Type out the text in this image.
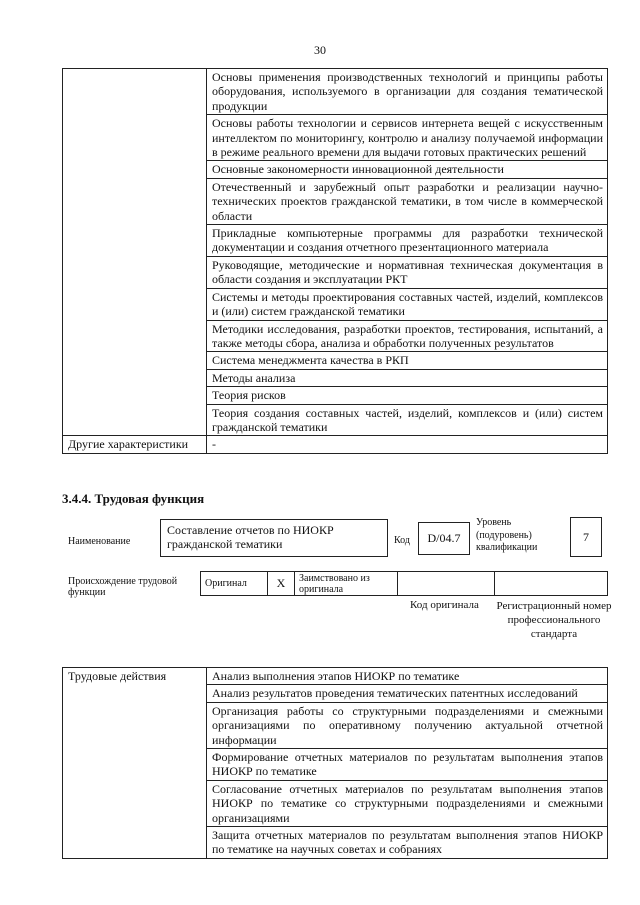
30
	Основы применения производственных технологий и принципы работы оборудования, используемого в организации для создания тематической продукции
	Основы работы технологии и сервисов интернета вещей с искусственным интеллектом по мониторингу, контролю и анализу получаемой информации в режиме реального времени для выдачи готовых практических решений
	Основные закономерности инновационной деятельности
	Отечественный и зарубежный опыт разработки и реализации научно-технических проектов гражданской тематики, в том числе в коммерческой области
	Прикладные компьютерные программы для разработки технической документации и создания отчетного презентационного материала
	Руководящие, методические и нормативная техническая документация в области создания и эксплуатации РКТ
	Системы и методы проектирования составных частей, изделий, комплексов и (или) систем гражданской тематики
	Методики исследования, разработки проектов, тестирования, испытаний, а также методы сбора, анализа и обработки полученных результатов
	Система менеджмента качества в РКП
	Методы анализа
	Теория рисков
	Теория создания составных частей, изделий, комплексов и (или) систем гражданской тематики
Другие характеристики	-
3.4.4. Трудовая функция
Наименование
Составление отчетов по НИОКР гражданской тематики	Код	D/04.7
Уровень (подуровень) квалификации
7
Происхождение трудовой функции
Оригинал	X	Заимствовано из оригинала		
Код оригинала Регистрационный номер профессионального стандарта
Трудовые действия	Анализ выполнения этапов НИОКР по тематике
Анализ результатов проведения тематических патентных исследований
Организация работы со структурными подразделениями и смежными организациями по оперативному получению актуальной отчетной информации
Формирование отчетных материалов по результатам выполнения этапов НИОКР по тематике
Согласование отчетных материалов по результатам выполнения этапов НИОКР по тематике со структурными подразделениями и смежными организациями
Защита отчетных материалов по результатам выполнения этапов НИОКР по тематике на научных советах и собраниях
